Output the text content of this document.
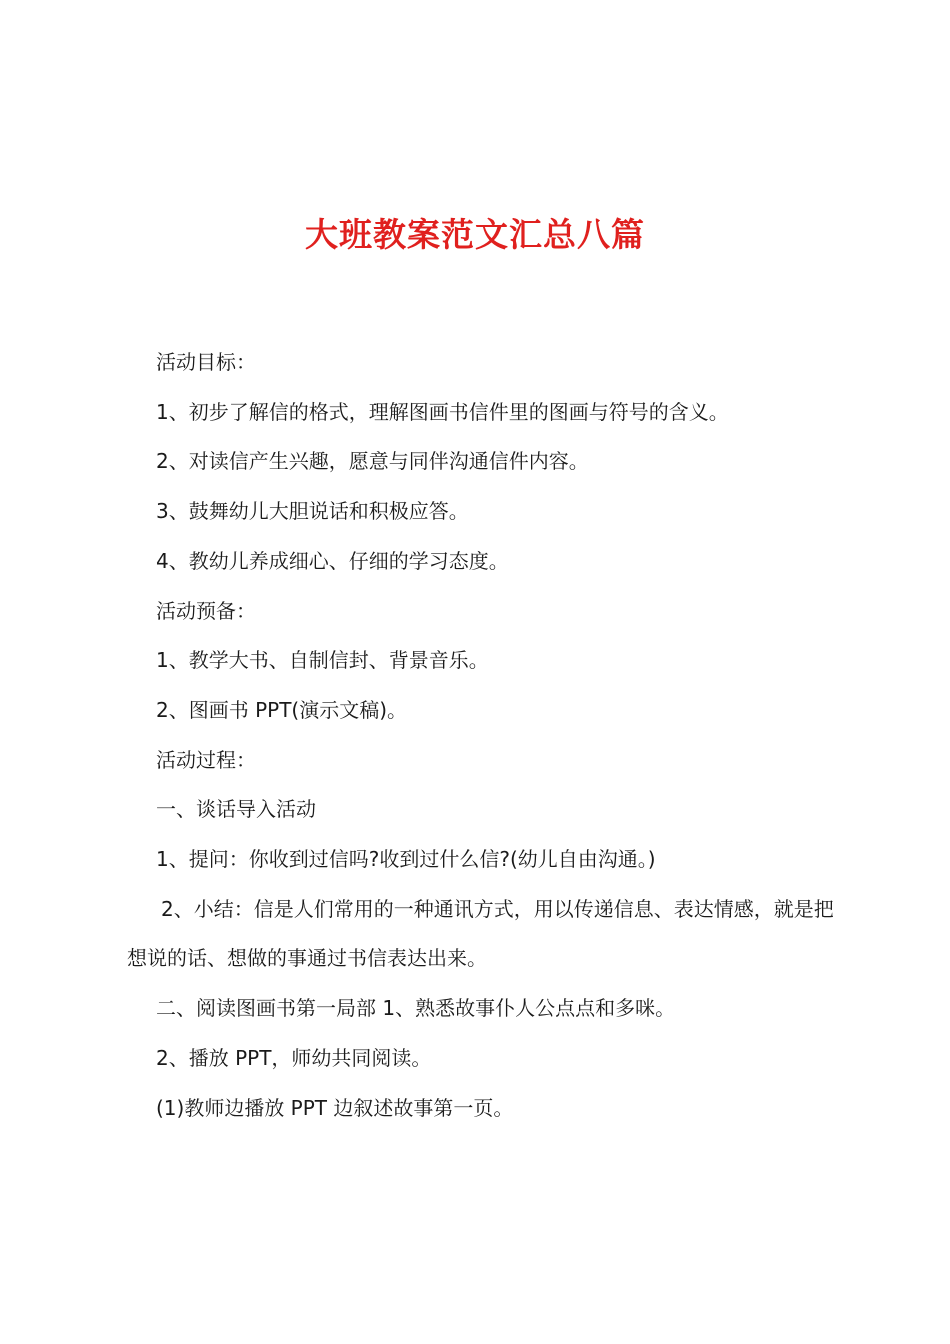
大班教案范文汇总八篇

活动目标：

1、初步了解信的格式，理解图画书信件里的图画与符号的含义。

2、对读信产生兴趣，愿意与同伴沟通信件内容。

3、鼓舞幼儿大胆说话和积极应答。

4、教幼儿养成细心、仔细的学习态度。

活动预备：

1、教学大书、自制信封、背景音乐。

2、图画书 PPT(演示文稿)。

活动过程：

一、谈话导入活动

1、提问：你收到过信吗?收到过什么信?(幼儿自由沟通。)

2、小结：信是人们常用的一种通讯方式，用以传递信息、表达情感，就是把想说的话、想做的事通过书信表达出来。

二、阅读图画书第一局部 1、熟悉故事仆人公点点和多咪。

2、播放 PPT，师幼共同阅读。

(1)教师边播放 PPT 边叙述故事第一页。
